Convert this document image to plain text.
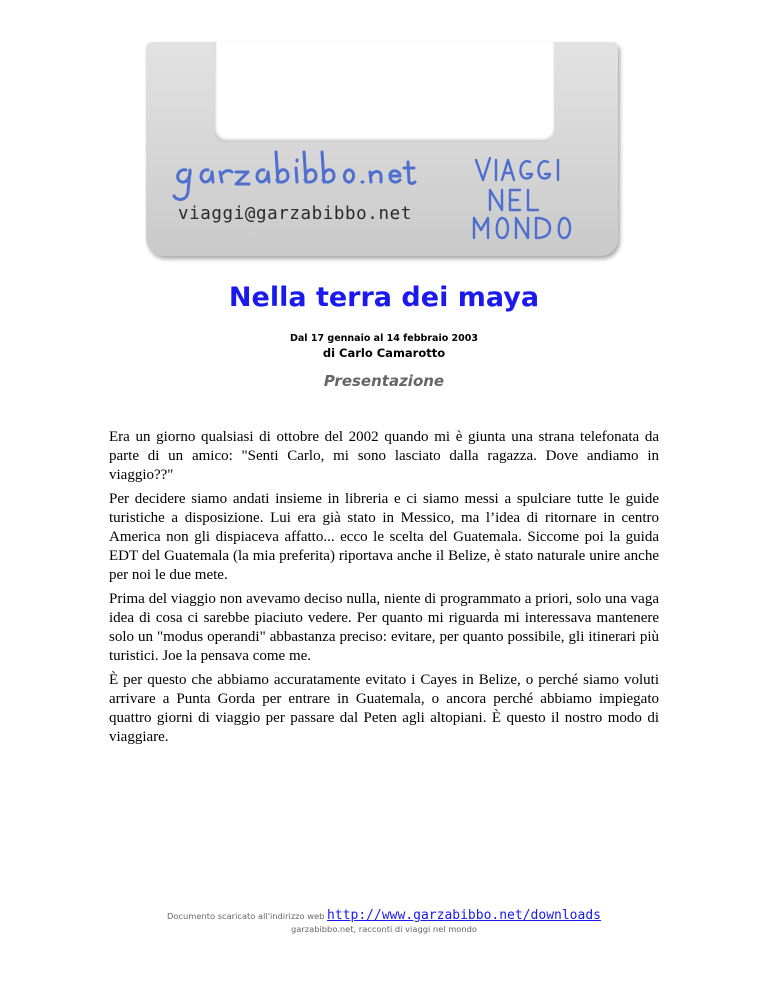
viaggi@garzabibbo.net
Nella terra dei maya
Dal 17 gennaio al 14 febbraio 2003
di Carlo Camarotto
Presentazione

Era un giorno qualsiasi di ottobre del 2002 quando mi è giunta una strana telefonata da parte di un amico: "Senti Carlo, mi sono lasciato dalla ragazza. Dove andiamo in viaggio??"

Per decidere siamo andati insieme in libreria e ci siamo messi a spulciare tutte le guide turistiche a disposizione. Lui era già stato in Messico, ma l’idea di ritornare in centro America non gli dispiaceva affatto... ecco le scelta del Guatemala. Siccome poi la guida EDT del Guatemala (la mia preferita) riportava anche il Belize, è stato naturale unire anche per noi le due mete.

Prima del viaggio non avevamo deciso nulla, niente di programmato a priori, solo una vaga idea di cosa ci sarebbe piaciuto vedere. Per quanto mi riguarda mi interessava mantenere solo un "modus operandi" abbastanza preciso: evitare, per quanto possibile, gli itinerari più turistici. Joe la pensava come me.

È per questo che abbiamo accuratamente evitato i Cayes in Belize, o perché siamo voluti arrivare a Punta Gorda per entrare in Guatemala, o ancora perché abbiamo impiegato quattro giorni di viaggio per passare dal Peten agli altopiani. È questo il nostro modo di viaggiare.

Documento scaricato all'indirizzo web http://www.garzabibbo.net/downloads
garzabibbo.net, racconti di viaggi nel mondo
